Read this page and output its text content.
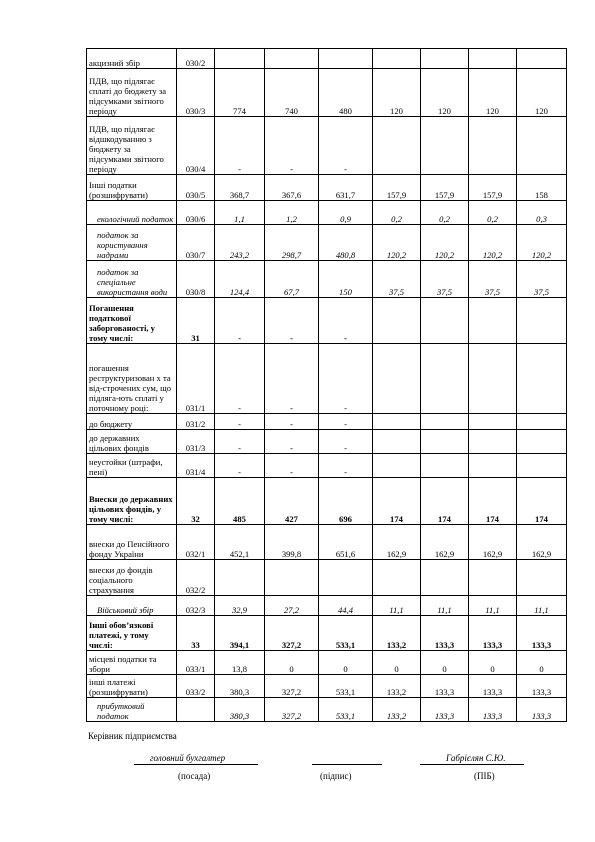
акцизний збір	030/2							
ПДВ, що підлягає сплаті до бюджету за підсумками звітного періоду	030/3	774	740	480	120	120	120	120
ПДВ, що підлягає відшкодуванню з бюджету за підсумками звітного періоду	030/4	-	-	-				
Інші податки (розшифрувати)	030/5	368,7	367,6	631,7	157,9	157,9	157,9	158
екологічний податок	030/6	1,1	1,2	0,9	0,2	0,2	0,2	0,3
податок за користування надрами	030/7	243,2	298,7	480,8	120,2	120,2	120,2	120,2
податок за спеціальне використання води	030/8	124,4	67,7	150	37,5	37,5	37,5	37,5
Погашення податкової заборгованості, у тому числі:	31	-	-	-				
погашення реструктуризован х та від-строчених сум, що підляга-ють сплаті у поточному році:	031/1	-	-	-				
до бюджету	031/2	-	-	-				
до державних цільових фондів	031/3	-	-	-				
неустойки (штрафи, пені)	031/4	-	-	-				
Внески до державних цільових фондів, у тому числі:	32	485	427	696	174	174	174	174
внески до Пенсійного фонду України	032/1	452,1	399,8	651,6	162,9	162,9	162,9	162,9
внески до фондів соціального страхування	032/2							
Військовий збір	032/3	32,9	27,2	44,4	11,1	11,1	11,1	11,1
Інші обов’язкові платежі, у тому числі:	33	394,1	327,2	533,1	133,2	133,3	133,3	133,3
місцеві податки та збори	033/1	13,8	0	0	0	0	0	0
інші платежі (розшифрувати)	033/2	380,3	327,2	533,1	133,2	133,3	133,3	133,3
прибутковий податок		380,3	327,2	533,1	133,2	133,3	133,3	133,3
Керівник підприємства
головний бухгалтер	Габрієлян С.Ю.
(посада)	(підпис)	(ПІБ)
